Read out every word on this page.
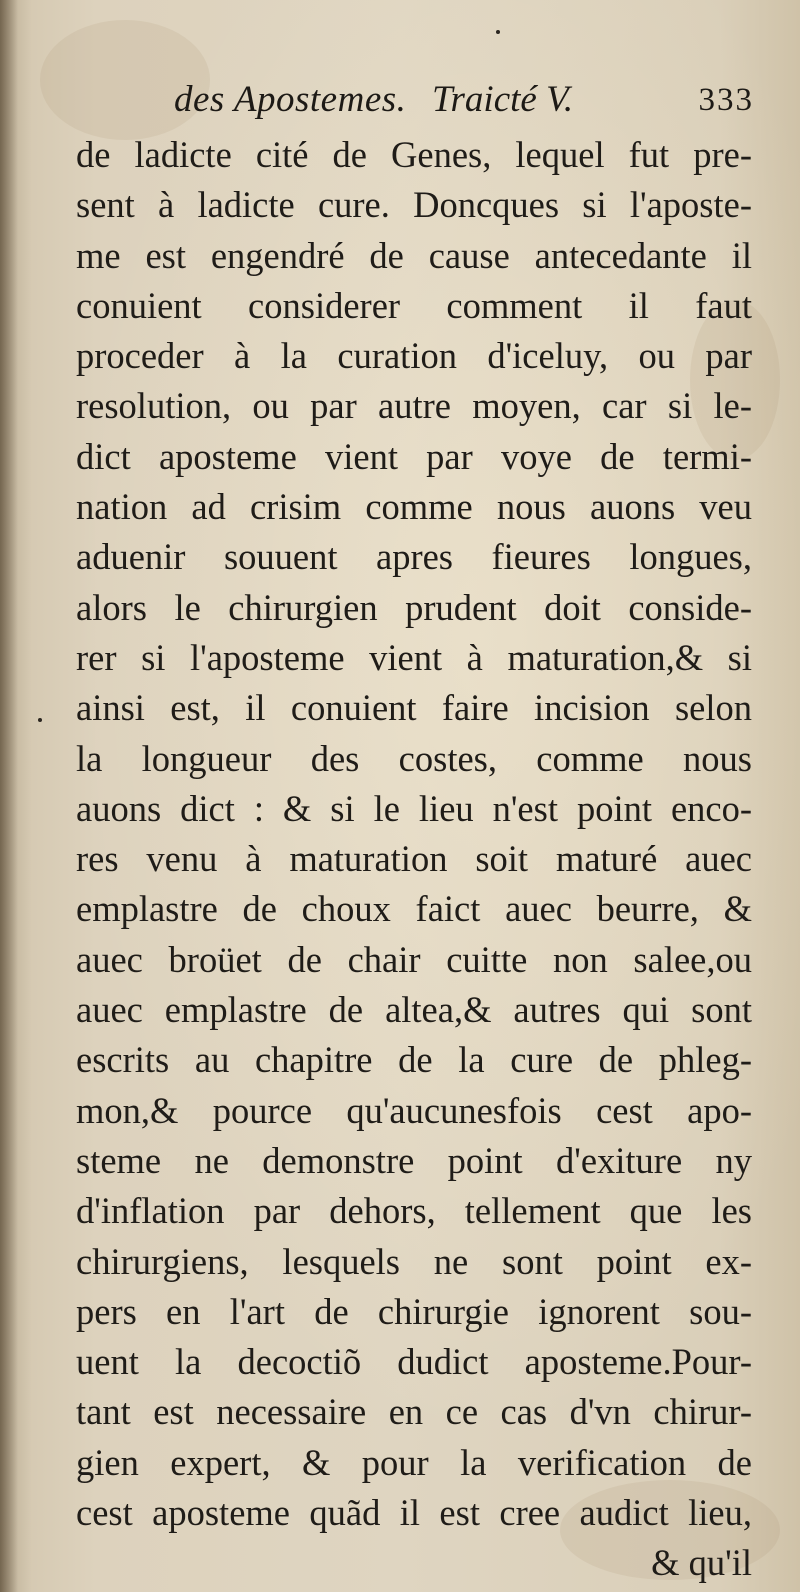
des Apostemes. Traicté V.	333
de ladicte cité de Genes, lequel fut pre-
sent à ladicte cure. Doncques si l'aposte-
me est engendré de cause antecedante il
conuient considerer comment il faut
proceder à la curation d'iceluy, ou par
resolution, ou par autre moyen, car si le-
dict aposteme vient par voye de termi-
nation ad crisim comme nous auons veu
aduenir souuent apres fieures longues,
alors le chirurgien prudent doit conside-
rer si l'aposteme vient à maturation,& si
ainsi est, il conuient faire incision selon
la longueur des costes, comme nous
auons dict : & si le lieu n'est point enco-
res venu à maturation soit maturé auec
emplastre de choux faict auec beurre, &
auec broüet de chair cuitte non salee,ou
auec emplastre de altea,& autres qui sont
escrits au chapitre de la cure de phleg-
mon,& pource qu'aucunesfois cest apo-
steme ne demonstre point d'exiture ny
d'inflation par dehors, tellement que les
chirurgiens, lesquels ne sont point ex-
pers en l'art de chirurgie ignorent sou-
uent la decoctiõ dudict aposteme.Pour-
tant est necessaire en ce cas d'vn chirur-
gien expert, & pour la verification de
cest aposteme quãd il est cree audict lieu,
& qu'il
